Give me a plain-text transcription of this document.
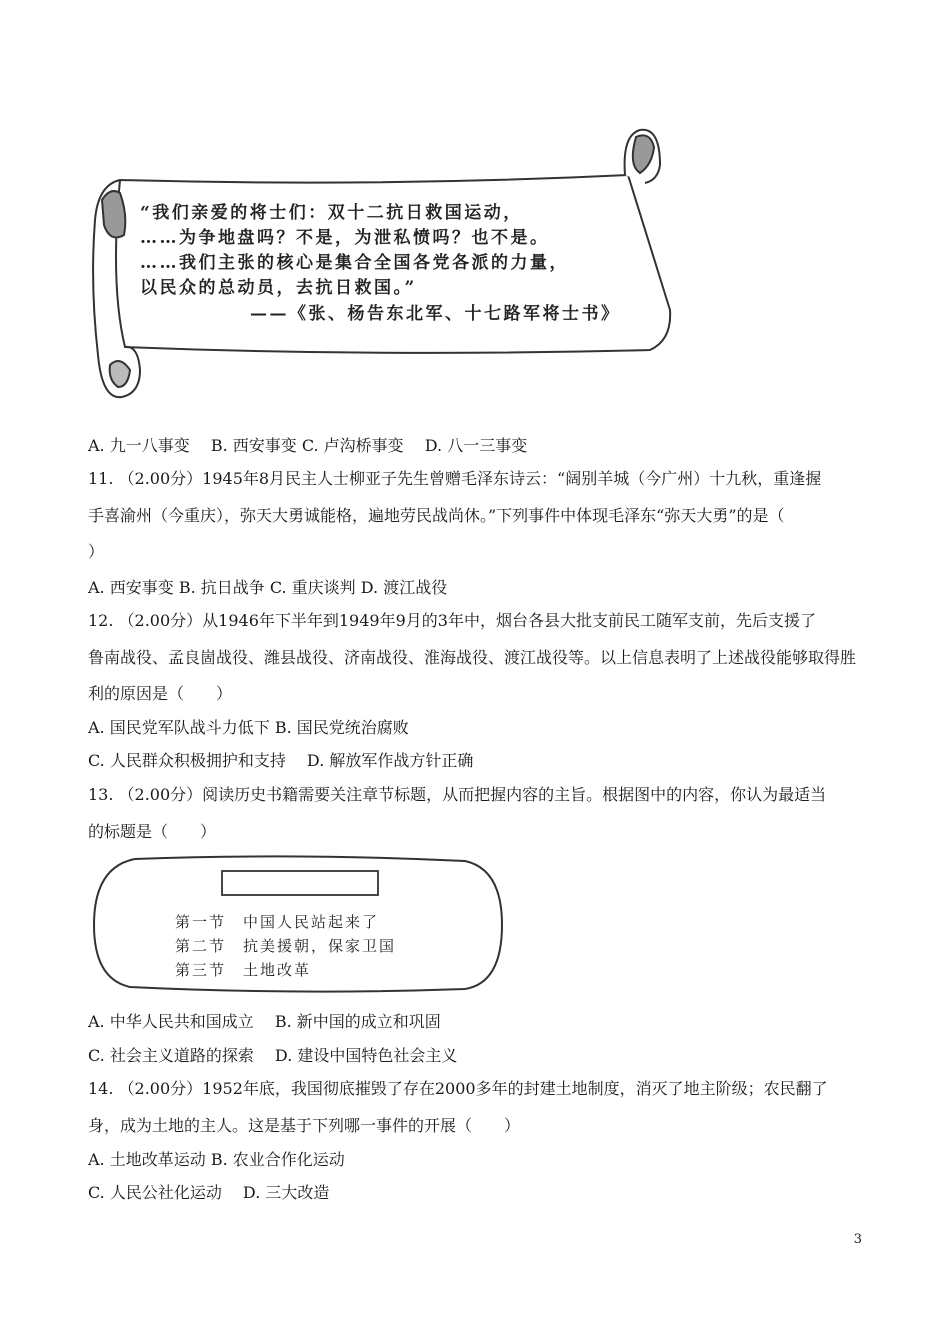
“我们亲爱的将士们：双十二抗日救国运动，
……为争地盘吗？不是，为泄私愤吗？也不是。
……我们主张的核心是集合全国各党各派的力量，
以民众的总动员，去抗日救国。”
——《张、杨告东北军、十七路军将士书》
A. 九一八事变　 B. 西安事变 C. 卢沟桥事变　 D. 八一三事变
11. （2.00分）1945年8月民主人士柳亚子先生曾赠毛泽东诗云：“阔别羊城（今广州）十九秋，重逢握
手喜渝州（今重庆），弥天大勇诚能格，遍地劳民战尚休。”下列事件中体现毛泽东“弥天大勇”的是（
）
A. 西安事变 B. 抗日战争 C. 重庆谈判 D. 渡江战役
12. （2.00分）从1946年下半年到1949年9月的3年中，烟台各县大批支前民工随军支前，先后支援了
鲁南战役、孟良崮战役、潍县战役、济南战役、淮海战役、渡江战役等。以上信息表明了上述战役能够取得胜
利的原因是（　　）
A. 国民党军队战斗力低下 B. 国民党统治腐败
C. 人民群众积极拥护和支持　 D. 解放军作战方针正确
13. （2.00分）阅读历史书籍需要关注章节标题，从而把握内容的主旨。根据图中的内容，你认为最适当
的标题是（　　）
第一节　中国人民站起来了
第二节　抗美援朝，保家卫国
第三节　土地改革
A. 中华人民共和国成立　 B. 新中国的成立和巩固
C. 社会主义道路的探索　 D. 建设中国特色社会主义
14. （2.00分）1952年底，我国彻底摧毁了存在2000多年的封建土地制度，消灭了地主阶级；农民翻了
身，成为土地的主人。这是基于下列哪一事件的开展（　　）
A. 土地改革运动 B. 农业合作化运动
C. 人民公社化运动　 D. 三大改造
3
